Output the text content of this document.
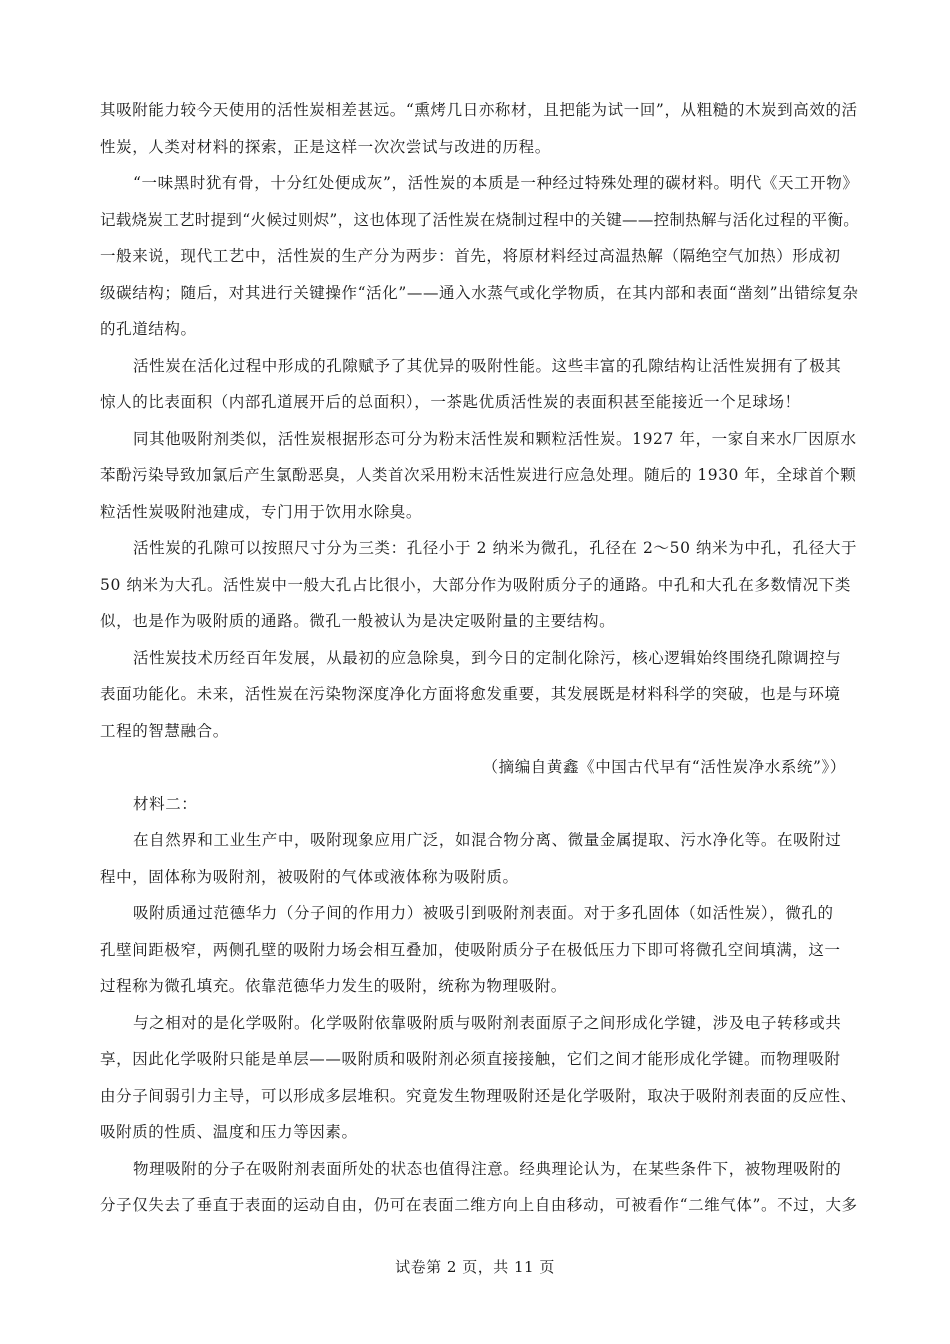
其吸附能力较今天使用的活性炭相差甚远。“熏烤几日亦称材，且把能为试一回”，从粗糙的木炭到高效的活
性炭，人类对材料的探索，正是这样一次次尝试与改进的历程。
“一味黑时犹有骨，十分红处便成灰”，活性炭的本质是一种经过特殊处理的碳材料。明代《天工开物》
记载烧炭工艺时提到“火候过则烬”，这也体现了活性炭在烧制过程中的关键——控制热解与活化过程的平衡。
一般来说，现代工艺中，活性炭的生产分为两步：首先，将原材料经过高温热解（隔绝空气加热）形成初
级碳结构；随后，对其进行关键操作“活化”——通入水蒸气或化学物质，在其内部和表面“凿刻”出错综复杂
的孔道结构。
活性炭在活化过程中形成的孔隙赋予了其优异的吸附性能。这些丰富的孔隙结构让活性炭拥有了极其
惊人的比表面积（内部孔道展开后的总面积），一茶匙优质活性炭的表面积甚至能接近一个足球场！
同其他吸附剂类似，活性炭根据形态可分为粉末活性炭和颗粒活性炭。1927 年，一家自来水厂因原水
苯酚污染导致加氯后产生氯酚恶臭，人类首次采用粉末活性炭进行应急处理。随后的 1930 年，全球首个颗
粒活性炭吸附池建成，专门用于饮用水除臭。
活性炭的孔隙可以按照尺寸分为三类：孔径小于 2 纳米为微孔，孔径在 2～50 纳米为中孔，孔径大于
50 纳米为大孔。活性炭中一般大孔占比很小，大部分作为吸附质分子的通路。中孔和大孔在多数情况下类
似，也是作为吸附质的通路。微孔一般被认为是决定吸附量的主要结构。
活性炭技术历经百年发展，从最初的应急除臭，到今日的定制化除污，核心逻辑始终围绕孔隙调控与
表面功能化。未来，活性炭在污染物深度净化方面将愈发重要，其发展既是材料科学的突破，也是与环境
工程的智慧融合。
（摘编自黄鑫《中国古代早有“活性炭净水系统”》）
材料二：
在自然界和工业生产中，吸附现象应用广泛，如混合物分离、微量金属提取、污水净化等。在吸附过
程中，固体称为吸附剂，被吸附的气体或液体称为吸附质。
吸附质通过范德华力（分子间的作用力）被吸引到吸附剂表面。对于多孔固体（如活性炭），微孔的
孔壁间距极窄，两侧孔壁的吸附力场会相互叠加，使吸附质分子在极低压力下即可将微孔空间填满，这一
过程称为微孔填充。依靠范德华力发生的吸附，统称为物理吸附。
与之相对的是化学吸附。化学吸附依靠吸附质与吸附剂表面原子之间形成化学键，涉及电子转移或共
享，因此化学吸附只能是单层——吸附质和吸附剂必须直接接触，它们之间才能形成化学键。而物理吸附
由分子间弱引力主导，可以形成多层堆积。究竟发生物理吸附还是化学吸附，取决于吸附剂表面的反应性、
吸附质的性质、温度和压力等因素。
物理吸附的分子在吸附剂表面所处的状态也值得注意。经典理论认为，在某些条件下，被物理吸附的
分子仅失去了垂直于表面的运动自由，仍可在表面二维方向上自由移动，可被看作“二维气体”。不过，大多
试卷第 2 页，共 11 页
